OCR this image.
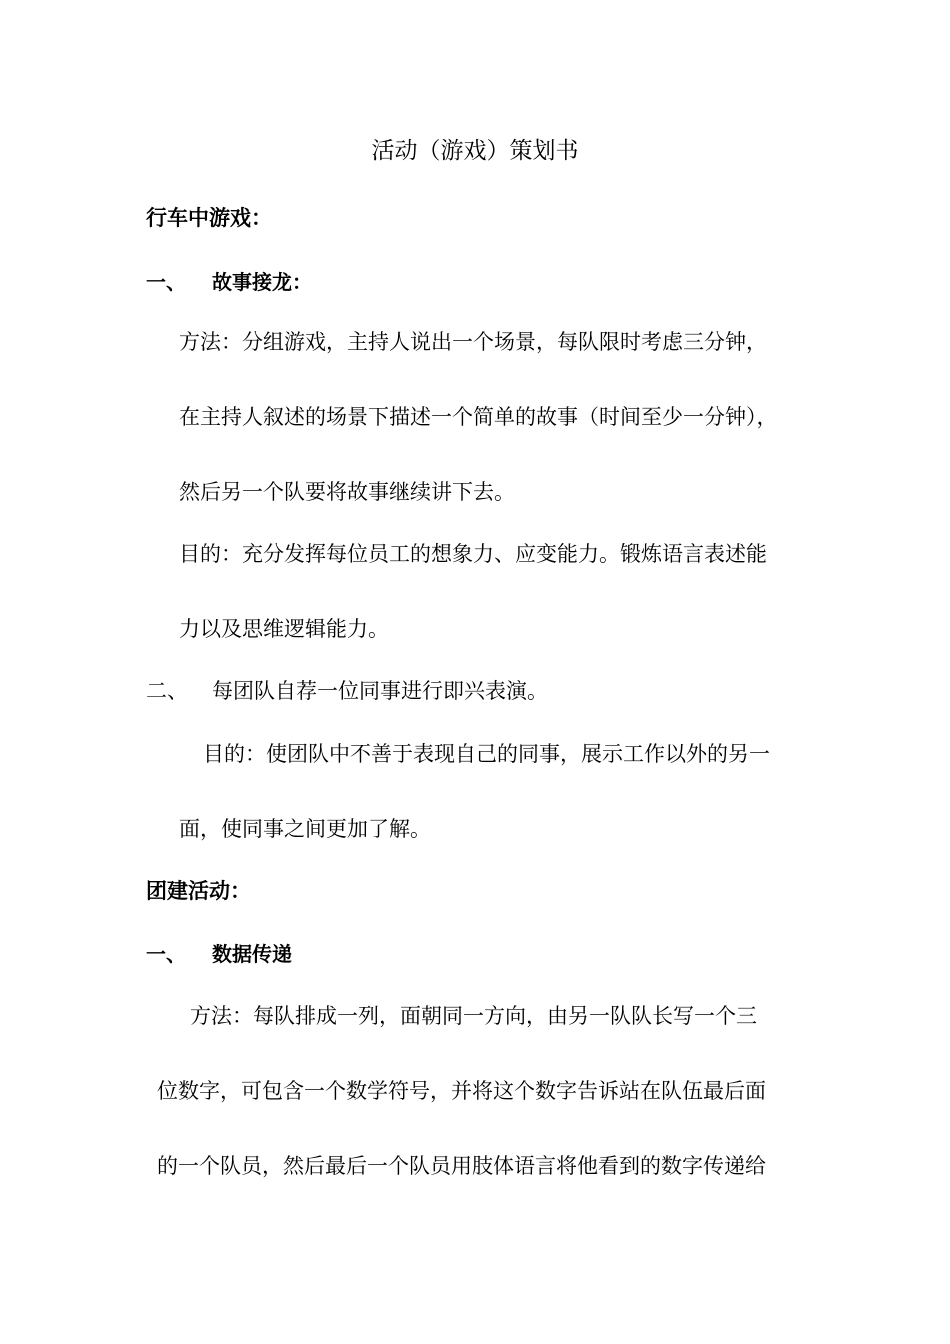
活动（游戏）策划书
行车中游戏：
一、 故事接龙：
方法：分组游戏，主持人说出一个场景，每队限时考虑三分钟，
在主持人叙述的场景下描述一个简单的故事（时间至少一分钟），
然后另一个队要将故事继续讲下去。
目的：充分发挥每位员工的想象力、应变能力。锻炼语言表述能
力以及思维逻辑能力。
二、 每团队自荐一位同事进行即兴表演。
目的：使团队中不善于表现自己的同事，展示工作以外的另一
面，使同事之间更加了解。
团建活动：
一、 数据传递
方法：每队排成一列，面朝同一方向，由另一队队长写一个三
位数字，可包含一个数学符号，并将这个数字告诉站在队伍最后面
的一个队员，然后最后一个队员用肢体语言将他看到的数字传递给
